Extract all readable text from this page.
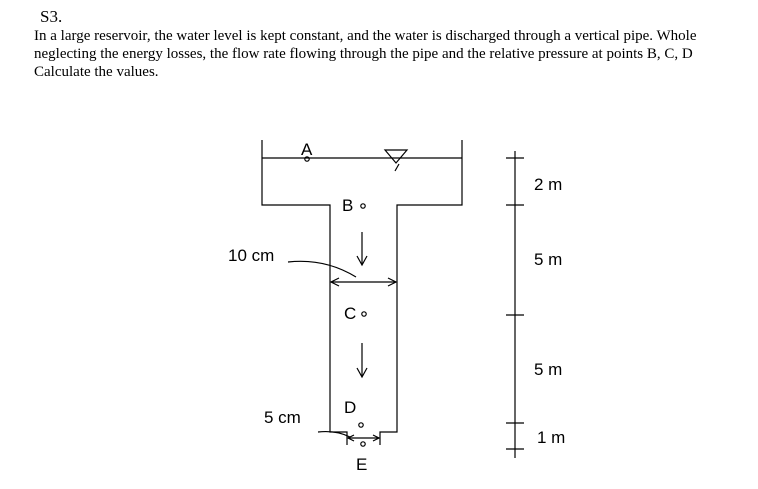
S3.
In a large reservoir, the water level is kept constant, and the water is discharged through a vertical pipe. Whole
neglecting the energy losses, the flow rate flowing through the pipe and the relative pressure at points B, C, D
Calculate the values.
A
B
10 cm
C
D
5 cm
E
2 m
5 m
5 m
1 m
